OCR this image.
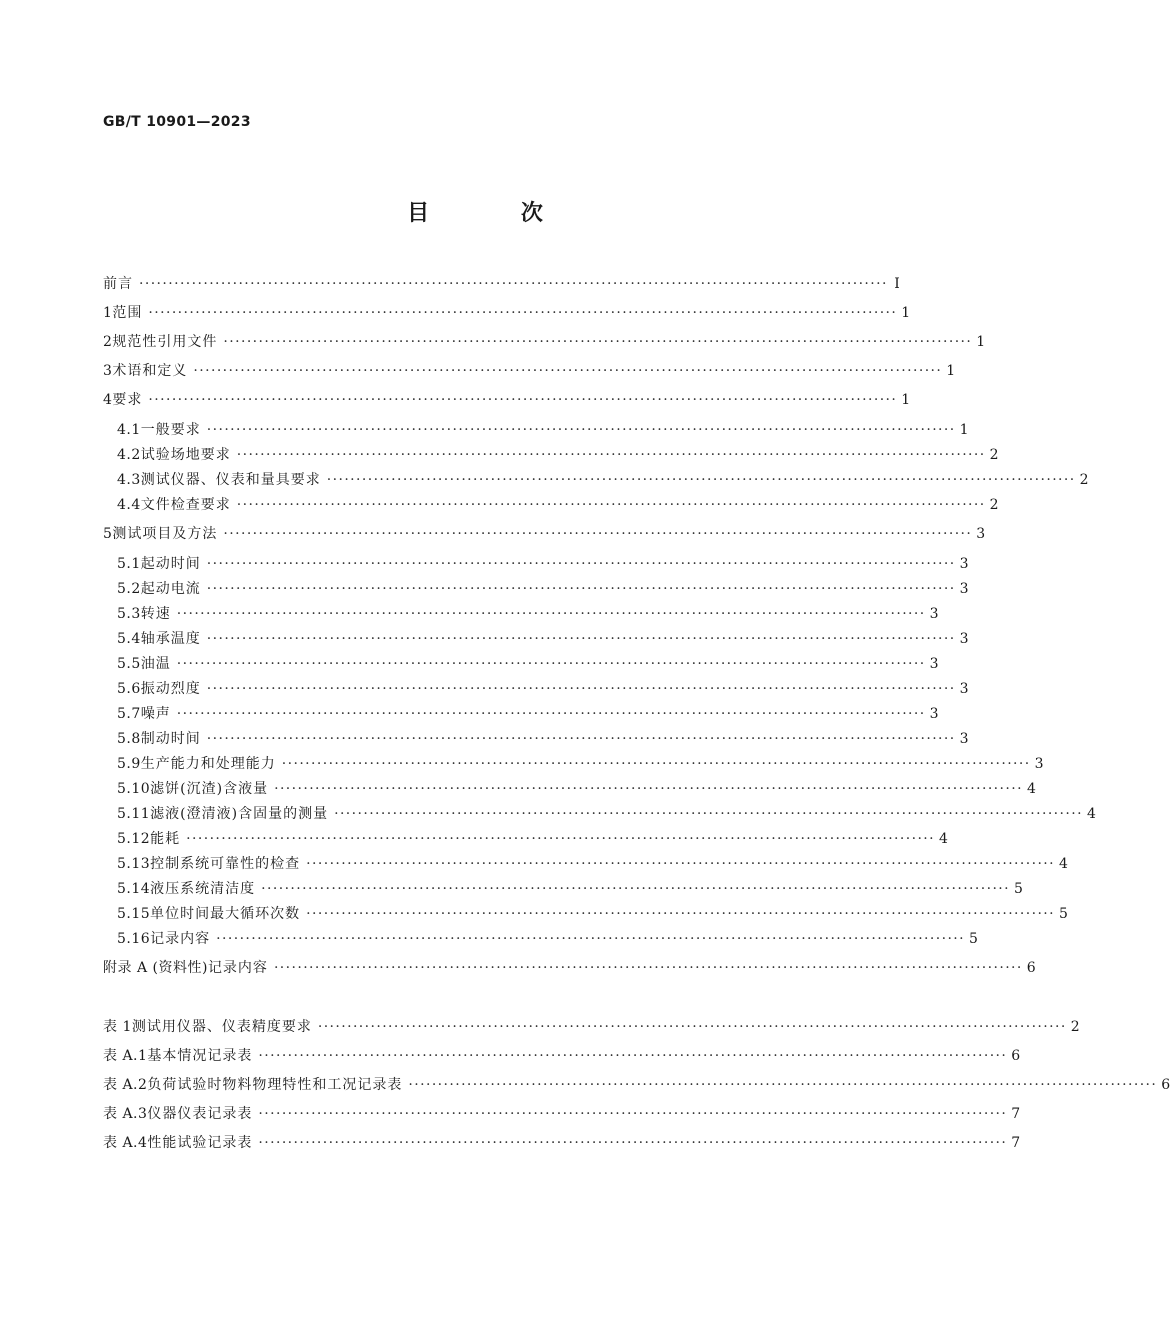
GB/T 10901—2023
目 次
前言 ································································································································ Ⅰ
1 范围 ································································································································ 1
2 规范性引用文件 ································································································································ 1
3 术语和定义 ································································································································ 1
4 要求 ································································································································ 1
4.1 一般要求 ································································································································ 1
4.2 试验场地要求 ································································································································ 2
4.3 测试仪器、仪表和量具要求 ································································································································ 2
4.4 文件检查要求 ································································································································ 2
5 测试项目及方法 ································································································································ 3
5.1 起动时间 ································································································································ 3
5.2 起动电流 ································································································································ 3
5.3 转速 ································································································································ 3
5.4 轴承温度 ································································································································ 3
5.5 油温 ································································································································ 3
5.6 振动烈度 ································································································································ 3
5.7 噪声 ································································································································ 3
5.8 制动时间 ································································································································ 3
5.9 生产能力和处理能力 ································································································································ 3
5.10 滤饼(沉渣)含液量 ································································································································ 4
5.11 滤液(澄清液)含固量的测量 ································································································································ 4
5.12 能耗 ································································································································ 4
5.13 控制系统可靠性的检查 ································································································································ 4
5.14 液压系统清洁度 ································································································································ 5
5.15 单位时间最大循环次数 ································································································································ 5
5.16 记录内容 ································································································································ 5
附录 A (资料性) 记录内容 ································································································································ 6
表 1 测试用仪器、仪表精度要求 ································································································································ 2
表 A.1 基本情况记录表 ································································································································ 6
表 A.2 负荷试验时物料物理特性和工况记录表 ································································································································ 6
表 A.3 仪器仪表记录表 ································································································································ 7
表 A.4 性能试验记录表 ································································································································ 7
